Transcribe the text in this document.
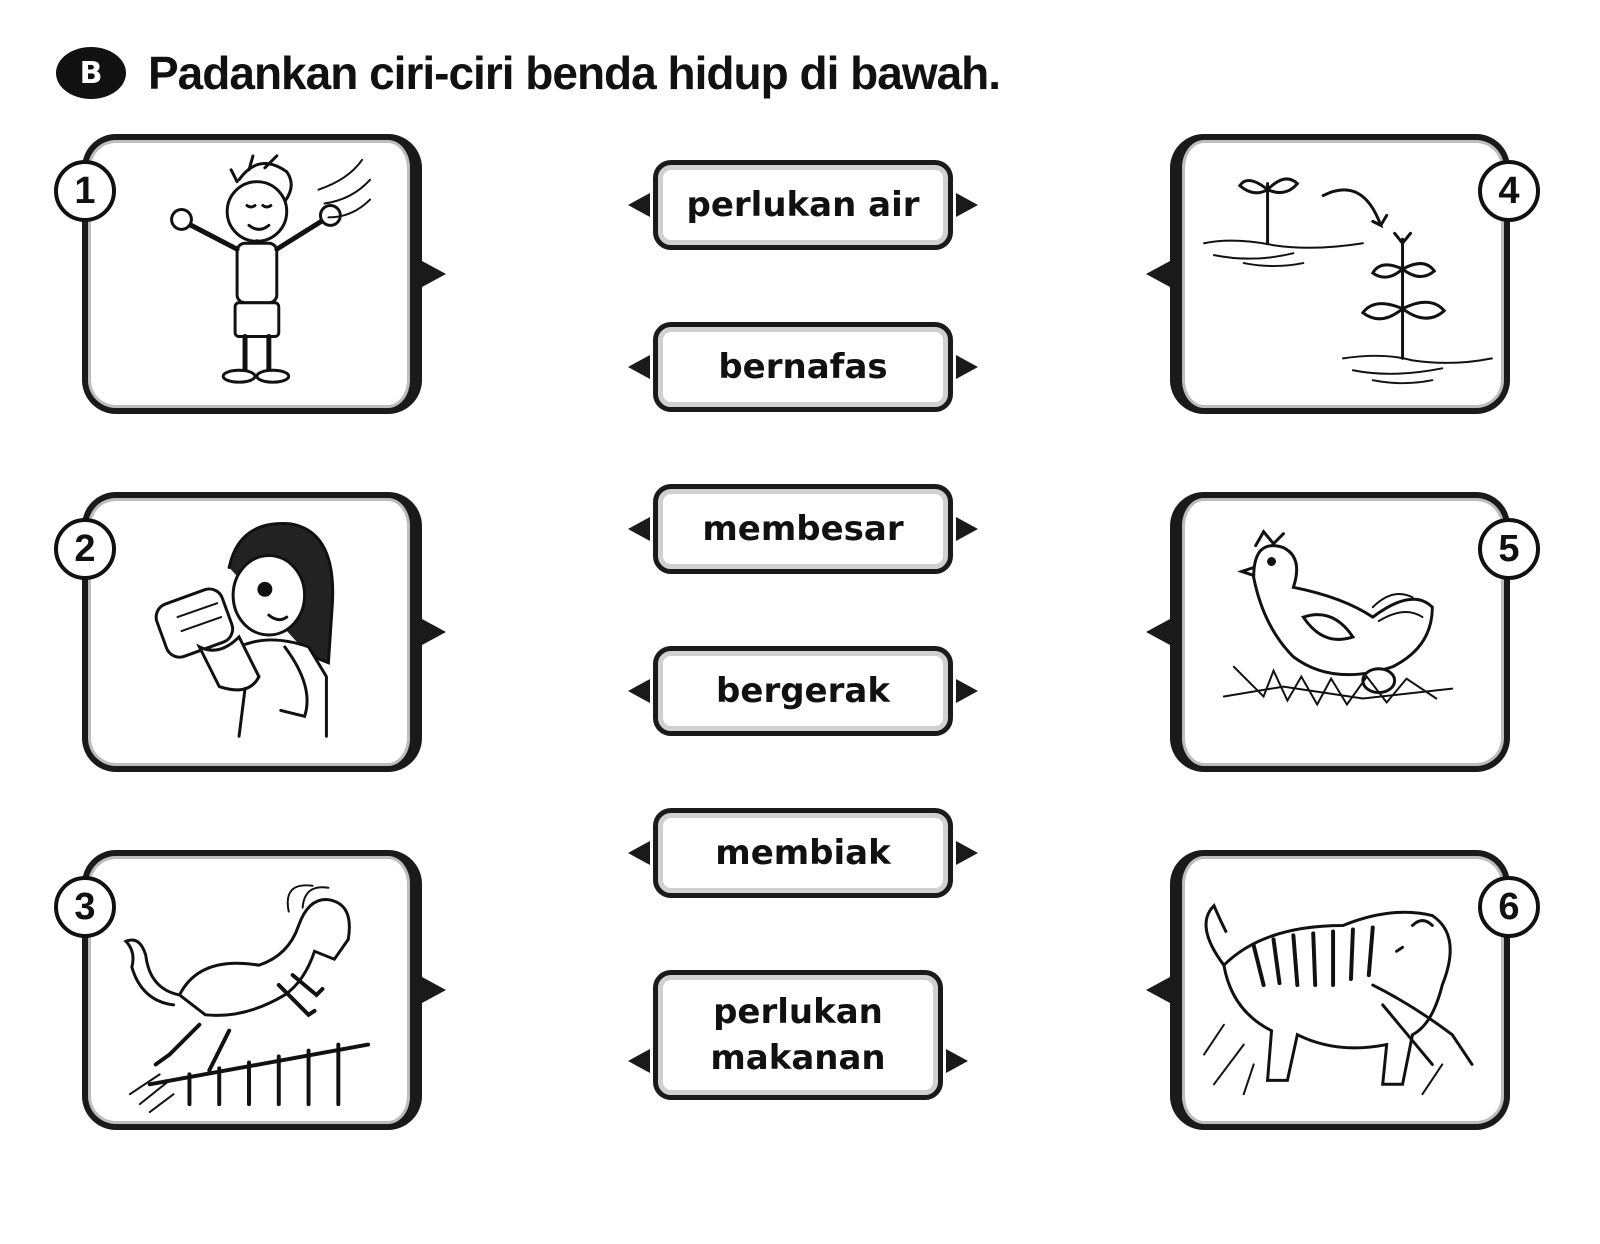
B Padankan ciri-ciri benda hidup di bawah.
1
2
3
4
5
6
perlukan air
bernafas
membesar
bergerak
membiak
perlukan makanan
